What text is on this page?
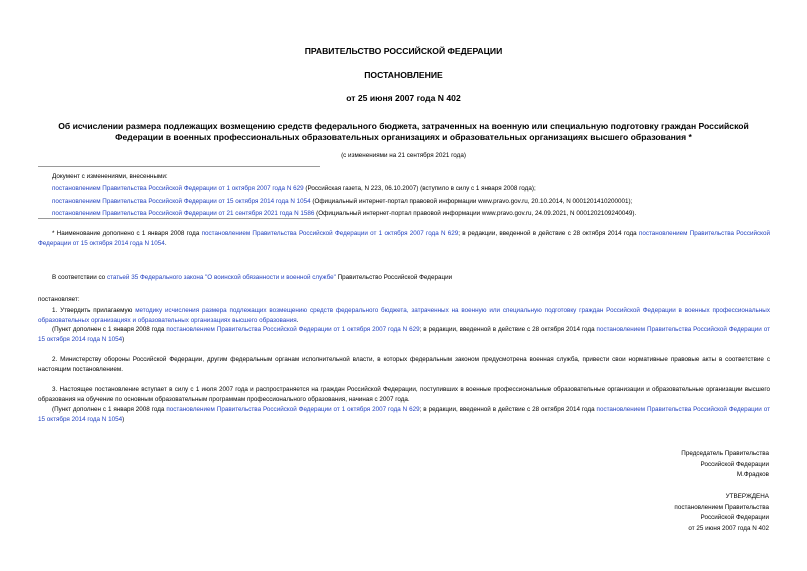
ПРАВИТЕЛЬСТВО РОССИЙСКОЙ ФЕДЕРАЦИИ
ПОСТАНОВЛЕНИЕ
от 25 июня 2007 года N 402
Об исчислении размера подлежащих возмещению средств федерального бюджета, затраченных на военную или специальную подготовку граждан Российской Федерации в военных профессиональных образовательных организациях и образовательных организациях высшего образования *
(с изменениями на 21 сентября 2021 года)
Документ с изменениями, внесенными:
постановлением Правительства Российской Федерации от 1 октября 2007 года N 629 (Российская газета, N 223, 06.10.2007) (вступило в силу с 1 января 2008 года);
постановлением Правительства Российской Федерации от 15 октября 2014 года N 1054 (Официальный интернет-портал правовой информации www.pravo.gov.ru, 20.10.2014, N 0001201410200001);
постановлением Правительства Российской Федерации от 21 сентября 2021 года N 1586 (Официальный интернет-портал правовой информации www.pravo.gov.ru, 24.09.2021, N 0001202109240049).
* Наименование дополнено с 1 января 2008 года постановлением Правительства Российской Федерации от 1 октября 2007 года N 629; в редакции, введенной в действие с 28 октября 2014 года постановлением Правительства Российской Федерации от 15 октября 2014 года N 1054.
В соответствии со статьей 35 Федерального закона "О воинской обязанности и военной службе" Правительство Российской Федерации
постановляет:
1. Утвердить прилагаемую методику исчисления размера подлежащих возмещению средств федерального бюджета, затраченных на военную или специальную подготовку граждан Российской Федерации в военных профессиональных образовательных организациях и образовательных организациях высшего образования.
(Пункт дополнен с 1 января 2008 года постановлением Правительства Российской Федерации от 1 октября 2007 года N 629; в редакции, введенной в действие с 28 октября 2014 года постановлением Правительства Российской Федерации от 15 октября 2014 года N 1054)
2. Министерству обороны Российской Федерации, другим федеральным органам исполнительной власти, в которых федеральным законом предусмотрена военная служба, привести свои нормативные правовые акты в соответствие с настоящим постановлением.
3. Настоящее постановление вступает в силу с 1 июля 2007 года и распространяется на граждан Российской Федерации, поступивших в военные профессиональные образовательные организации и образовательные организации высшего образования на обучение по основным образовательным программам профессионального образования, начиная с 2007 года.
(Пункт дополнен с 1 января 2008 года постановлением Правительства Российской Федерации от 1 октября 2007 года N 629; в редакции, введенной в действие с 28 октября 2014 года постановлением Правительства Российской Федерации от 15 октября 2014 года N 1054)
Председатель Правительства
Российской Федерации
М.Фрадков
УТВЕРЖДЕНА
постановлением Правительства
Российской Федерации
от 25 июня 2007 года N 402
